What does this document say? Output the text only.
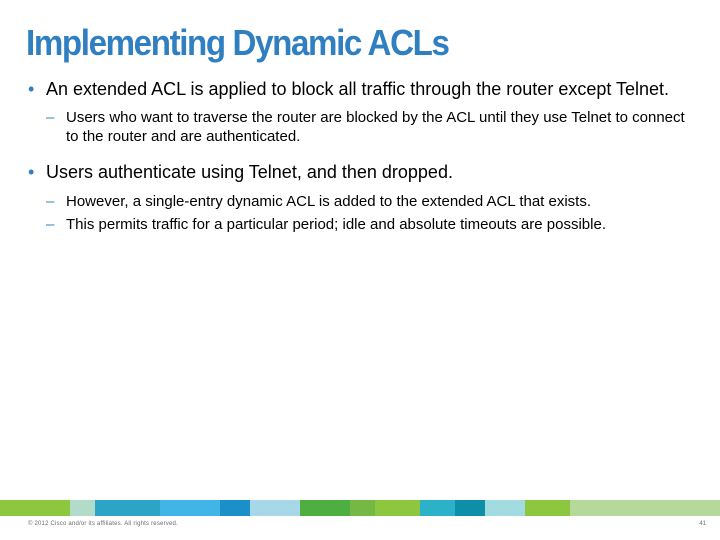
Implementing Dynamic ACLs
• An extended ACL is applied to block all traffic through the router except Telnet.
– Users who want to traverse the router are blocked by the ACL until they use Telnet to connect to the router and are authenticated.
• Users authenticate using Telnet, and then dropped.
– However, a single-entry dynamic ACL is added to the extended ACL that exists.
– This permits traffic for a particular period; idle and absolute timeouts are possible.
© 2012 Cisco and/or its affiliates. All rights reserved.	41
